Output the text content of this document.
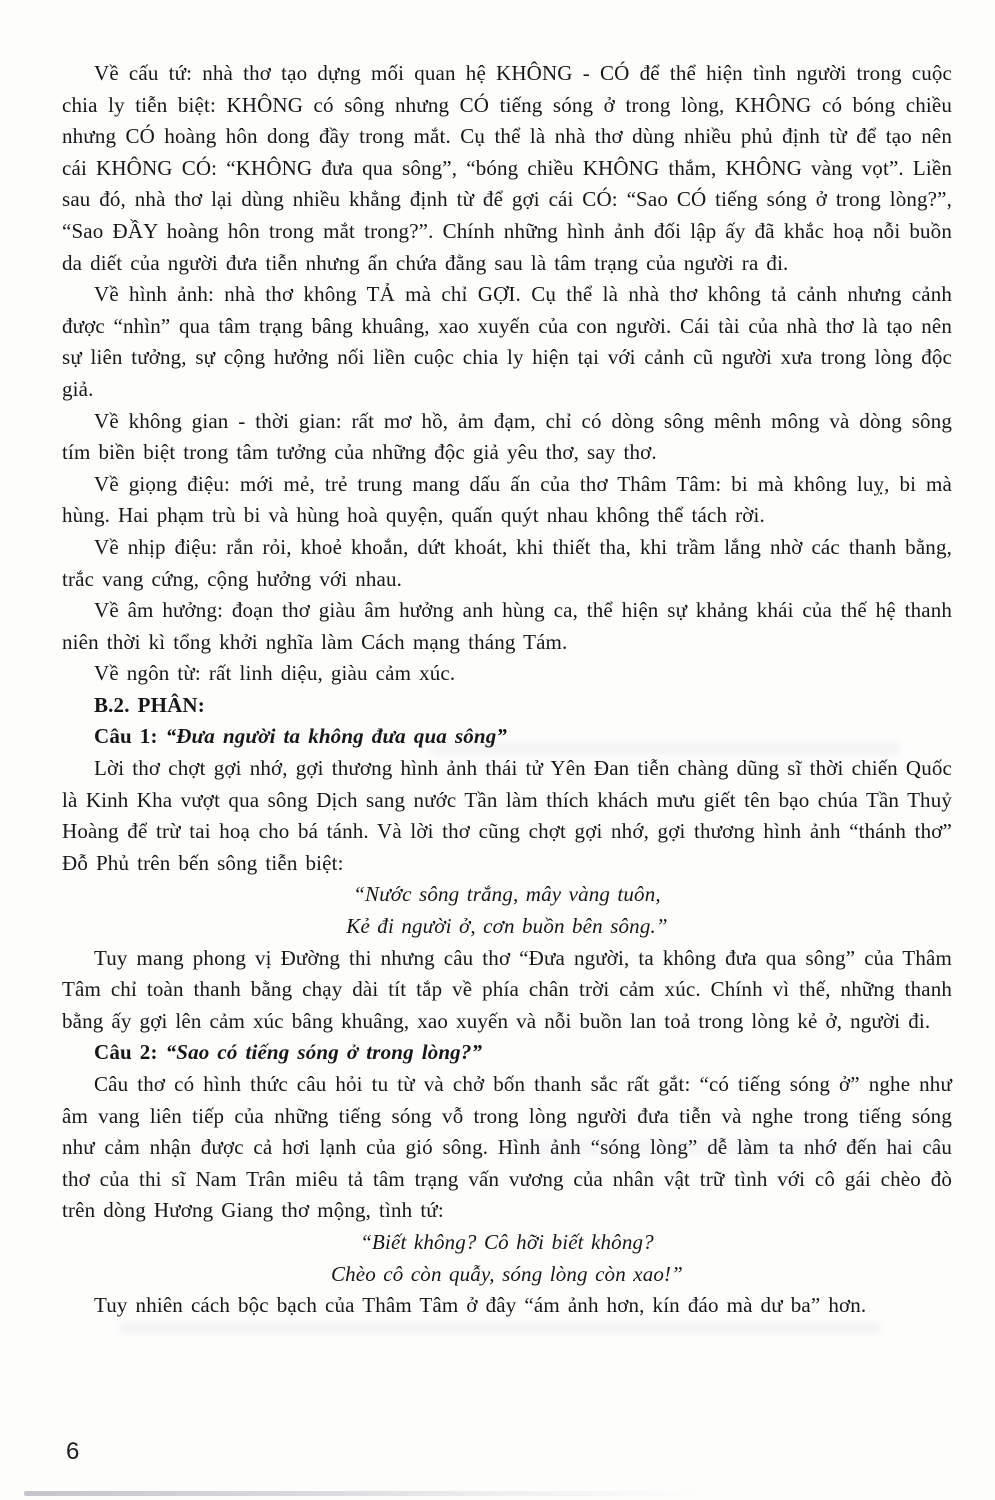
Về cấu tứ: nhà thơ tạo dựng mối quan hệ KHÔNG - CÓ để thể hiện tình người trong cuộc chia ly tiễn biệt: KHÔNG có sông nhưng CÓ tiếng sóng ở trong lòng, KHÔNG có bóng chiều nhưng CÓ hoàng hôn dong đầy trong mắt. Cụ thể là nhà thơ dùng nhiều phủ định từ để tạo nên cái KHÔNG CÓ: “KHÔNG đưa qua sông”, “bóng chiều KHÔNG thắm, KHÔNG vàng vọt”. Liền sau đó, nhà thơ lại dùng nhiều khẳng định từ để gợi cái CÓ: “Sao CÓ tiếng sóng ở trong lòng?”, “Sao ĐẦY hoàng hôn trong mắt trong?”. Chính những hình ảnh đối lập ấy đã khắc hoạ nỗi buồn da diết của người đưa tiễn nhưng ẩn chứa đằng sau là tâm trạng của người ra đi.

Về hình ảnh: nhà thơ không TẢ mà chỉ GỢI. Cụ thể là nhà thơ không tả cảnh nhưng cảnh được “nhìn” qua tâm trạng bâng khuâng, xao xuyến của con người. Cái tài của nhà thơ là tạo nên sự liên tưởng, sự cộng hưởng nối liền cuộc chia ly hiện tại với cảnh cũ người xưa trong lòng độc giả.

Về không gian - thời gian: rất mơ hồ, ảm đạm, chỉ có dòng sông mênh mông và dòng sông tím biền biệt trong tâm tưởng của những độc giả yêu thơ, say thơ.

Về giọng điệu: mới mẻ, trẻ trung mang dấu ấn của thơ Thâm Tâm: bi mà không luỵ, bi mà hùng. Hai phạm trù bi và hùng hoà quyện, quấn quýt nhau không thể tách rời.

Về nhịp điệu: rắn rỏi, khoẻ khoắn, dứt khoát, khi thiết tha, khi trầm lắng nhờ các thanh bằng, trắc vang cứng, cộng hưởng với nhau.

Về âm hưởng: đoạn thơ giàu âm hưởng anh hùng ca, thể hiện sự khảng khái của thế hệ thanh niên thời kì tổng khởi nghĩa làm Cách mạng tháng Tám.

Về ngôn từ: rất linh diệu, giàu cảm xúc.

B.2. PHÂN:

Câu 1: “Đưa người ta không đưa qua sông”

Lời thơ chợt gợi nhớ, gợi thương hình ảnh thái tử Yên Đan tiễn chàng dũng sĩ thời chiến Quốc là Kinh Kha vượt qua sông Dịch sang nước Tần làm thích khách mưu giết tên bạo chúa Tần Thuỷ Hoàng để trừ tai hoạ cho bá tánh. Và lời thơ cũng chợt gợi nhớ, gợi thương hình ảnh “thánh thơ” Đỗ Phủ trên bến sông tiễn biệt:

“Nước sông trắng, mây vàng tuôn,

Kẻ đi người ở, cơn buồn bên sông.”

Tuy mang phong vị Đường thi nhưng câu thơ “Đưa người, ta không đưa qua sông” của Thâm Tâm chỉ toàn thanh bằng chạy dài tít tắp về phía chân trời cảm xúc. Chính vì thế, những thanh bằng ấy gợi lên cảm xúc bâng khuâng, xao xuyến và nỗi buồn lan toả trong lòng kẻ ở, người đi.

Câu 2: “Sao có tiếng sóng ở trong lòng?”

Câu thơ có hình thức câu hỏi tu từ và chở bốn thanh sắc rất gắt: “có tiếng sóng ở” nghe như âm vang liên tiếp của những tiếng sóng vỗ trong lòng người đưa tiễn và nghe trong tiếng sóng như cảm nhận được cả hơi lạnh của gió sông. Hình ảnh “sóng lòng” dễ làm ta nhớ đến hai câu thơ của thi sĩ Nam Trân miêu tả tâm trạng vấn vương của nhân vật trữ tình với cô gái chèo đò trên dòng Hương Giang thơ mộng, tình tứ:

“Biết không? Cô hỡi biết không?

Chèo cô còn quẫy, sóng lòng còn xao!”

Tuy nhiên cách bộc bạch của Thâm Tâm ở đây “ám ảnh hơn, kín đáo mà dư ba” hơn.

6
